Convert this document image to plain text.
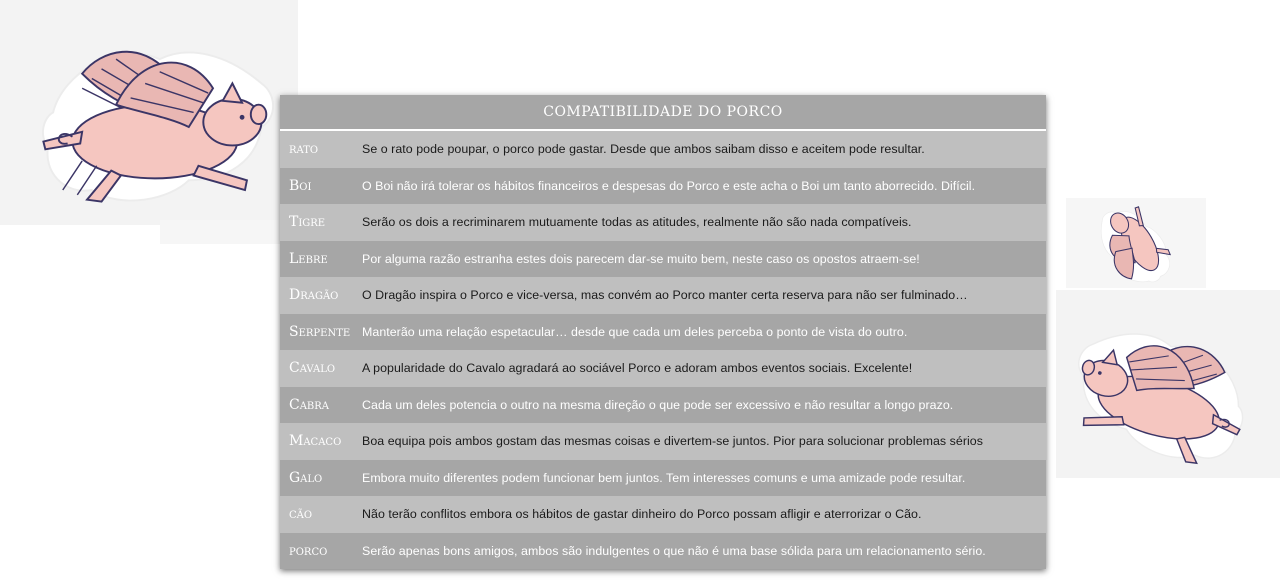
COMPATIBILIDADE DO PORCO
rato	Se o rato pode poupar, o porco pode gastar. Desde que ambos saibam disso e aceitem pode resultar.
Boi	O Boi não irá tolerar os hábitos financeiros e despesas do Porco e este acha o Boi um tanto aborrecido. Difícil.
Tigre	Serão os dois a recriminarem mutuamente todas as atitudes, realmente não são nada compatíveis.
Lebre	Por alguma razão estranha estes dois parecem dar-se muito bem, neste caso os opostos atraem-se!
Dragão	O Dragão inspira o Porco e vice-versa, mas convém ao Porco manter certa reserva para não ser fulminado…
Serpente Manterão uma relação espetacular… desde que cada um deles perceba o ponto de vista do outro.
Cavalo	A popularidade do Cavalo agradará ao sociável Porco e adoram ambos eventos sociais. Excelente!
Cabra	Cada um deles potencia o outro na mesma direção o que pode ser excessivo e não resultar a longo prazo.
Macaco	Boa equipa pois ambos gostam das mesmas coisas e divertem-se juntos. Pior para solucionar problemas sérios
Galo	Embora muito diferentes podem funcionar bem juntos. Tem interesses comuns e uma amizade pode resultar.
cão	Não terão conflitos embora os hábitos de gastar dinheiro do Porco possam afligir e aterrorizar o Cão.
porco	Serão apenas bons amigos, ambos são indulgentes o que não é uma base sólida para um relacionamento sério.
